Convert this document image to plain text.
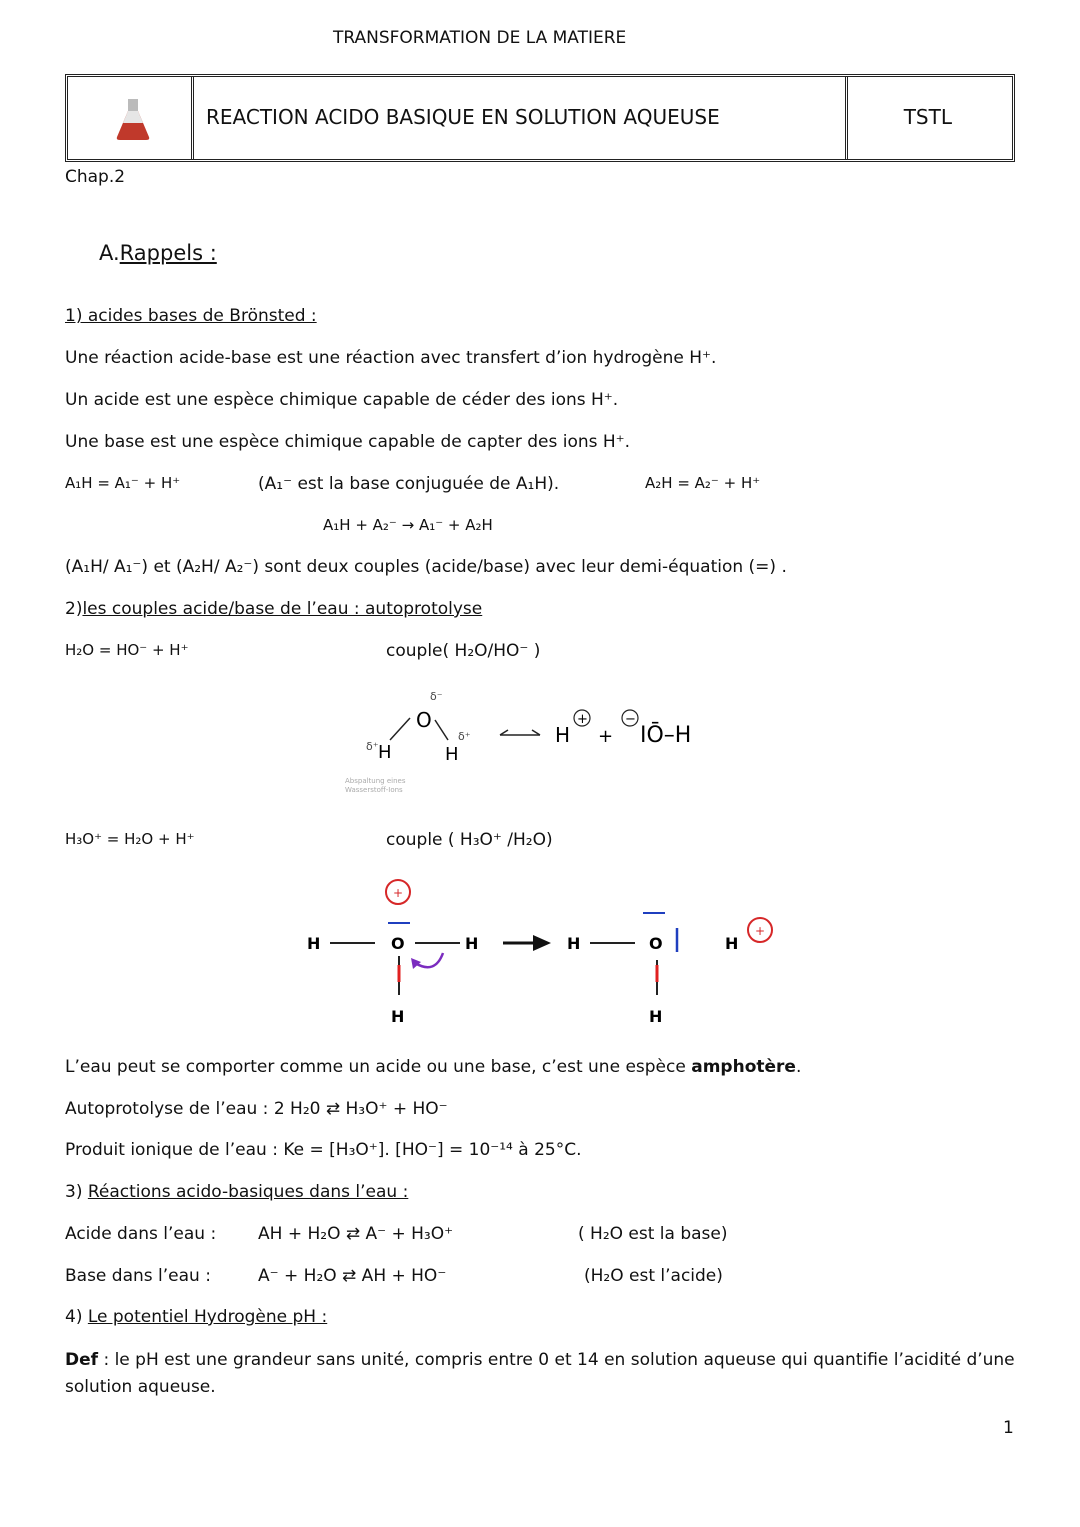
TRANSFORMATION DE LA MATIERE
REACTION ACIDO BASIQUE EN SOLUTION AQUEUSE	TSTL
Chap.2
A.Rappels :
1) acides bases de Brönsted :
Une réaction acide-base est une réaction avec transfert d’ion hydrogène H⁺.
Un acide est une espèce chimique capable de céder des ions H⁺.
Une base est une espèce chimique capable de capter des ions H⁺.
A₁H = A₁⁻ + H⁺	(A₁⁻ est la base conjuguée de A₁H).	A₂H = A₂⁻ + H⁺
A₁H + A₂⁻ → A₁⁻ + A₂H
(A₁H/ A₁⁻) et (A₂H/ A₂⁻) sont deux couples (acide/base) avec leur demi-équation (=) .
2)les couples acide/base de l’eau : autoprotolyse
H₂O = HO⁻ + H⁺	couple( H₂O/HO⁻ )
δ⁻
O
δ⁺ H
δ⁺
H
Abspaltung eines
Wasserstoff-Ions
H
+
+
−
IŌ–H
H₃O⁺ = H₂O + H⁺	couple ( H₃O⁺ /H₂O)
H
+
O	H
H
H	O
H
H
+
L’eau peut se comporter comme un acide ou une base, c’est une espèce amphotère.
Autoprotolyse de l’eau : 2 H₂0 ⇄ H₃O⁺ + HO⁻
Produit ionique de l’eau : Ke = [H₃O⁺]. [HO⁻] = 10⁻¹⁴ à 25°C.
3) Réactions acido-basiques dans l’eau :
Acide dans l’eau : AH + H₂O ⇄ A⁻ + H₃O⁺	( H₂O est la base)
Base dans l’eau :	A⁻ + H₂O ⇄ AH + HO⁻	(H₂O est l’acide)
4) Le potentiel Hydrogène pH :
Def : le pH est une grandeur sans unité, compris entre 0 et 14 en solution aqueuse qui quantifie l’acidité d’une
solution aqueuse.
1
